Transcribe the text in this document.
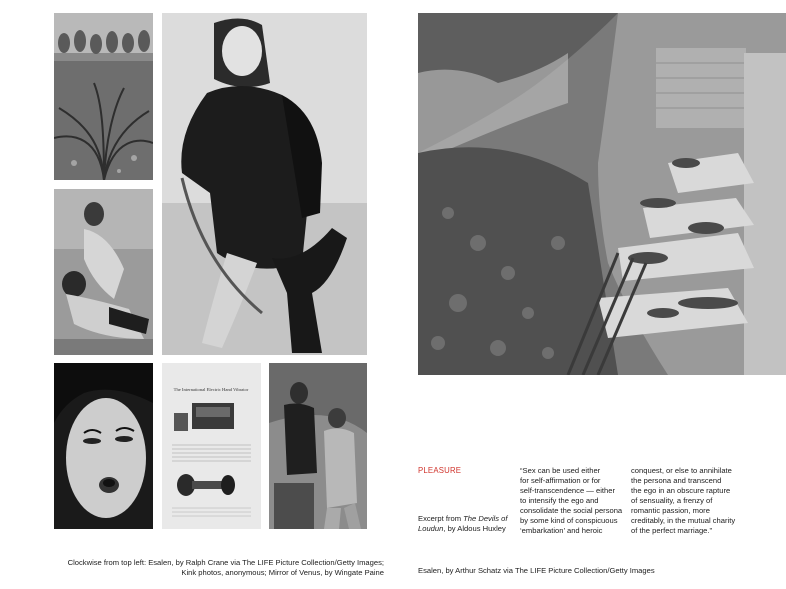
The International Electric Hand Vibrator
Clockwise from top left: Esalen, by Ralph Crane via The LIFE Picture Collection/Getty Images;
Kink photos, anonymous; Mirror of Venus, by Wingate Paine
PLEASURE
Excerpt from The Devils of Loudun, by Aldous Huxley
“Sex can be used either
for self-affirmation or for
self-transcendence — either
to intensify the ego and
consolidate the social persona
by some kind of conspicuous
‘embarkation’ and heroic
conquest, or else to annihilate
the persona and transcend
the ego in an obscure rapture
of sensuality, a frenzy of
romantic passion, more
creditably, in the mutual charity
of the perfect marriage.”
Esalen, by Arthur Schatz via The LIFE Picture Collection/Getty Images
